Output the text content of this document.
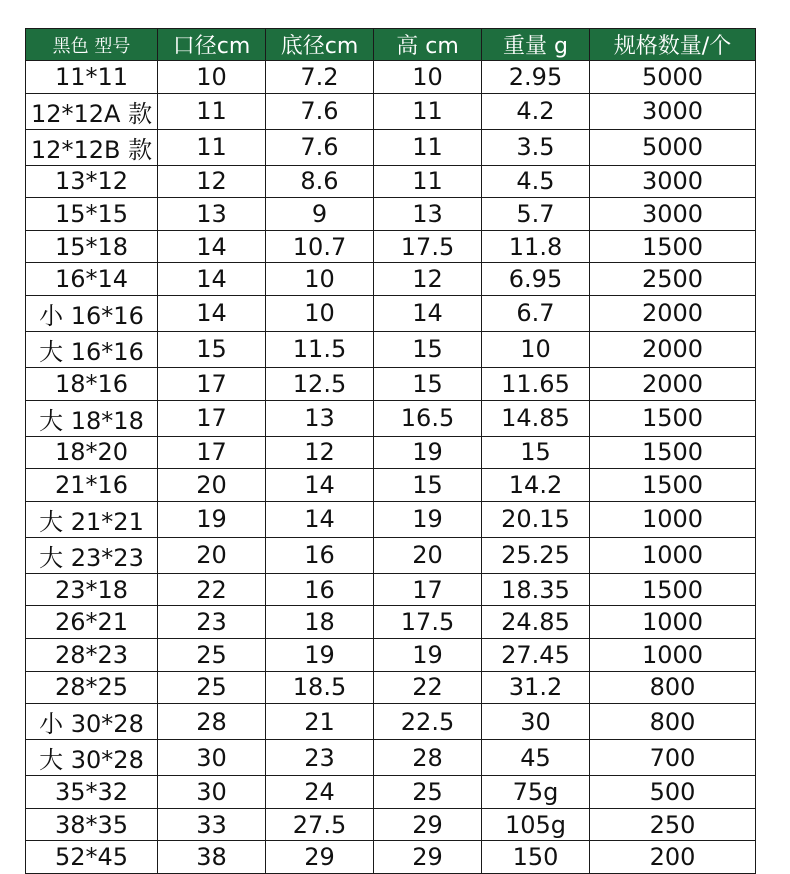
黑色 型号	口径cm	底径cm	高 cm	重量 g	规格数量/个
11*11	10	7.2	10	2.95	5000
12*12A 款	11	7.6	11	4.2	3000
12*12B 款	11	7.6	11	3.5	5000
13*12	12	8.6	11	4.5	3000
15*15	13	9	13	5.7	3000
15*18	14	10.7	17.5	11.8	1500
16*14	14	10	12	6.95	2500
小 16*16	14	10	14	6.7	2000
大 16*16	15	11.5	15	10	2000
18*16	17	12.5	15	11.65	2000
大 18*18	17	13	16.5	14.85	1500
18*20	17	12	19	15	1500
21*16	20	14	15	14.2	1500
大 21*21	19	14	19	20.15	1000
大 23*23	20	16	20	25.25	1000
23*18	22	16	17	18.35	1500
26*21	23	18	17.5	24.85	1000
28*23	25	19	19	27.45	1000
28*25	25	18.5	22	31.2	800
小 30*28	28	21	22.5	30	800
大 30*28	30	23	28	45	700
35*32	30	24	25	75g	500
38*35	33	27.5	29	105g	250
52*45	38	29	29	150	200
